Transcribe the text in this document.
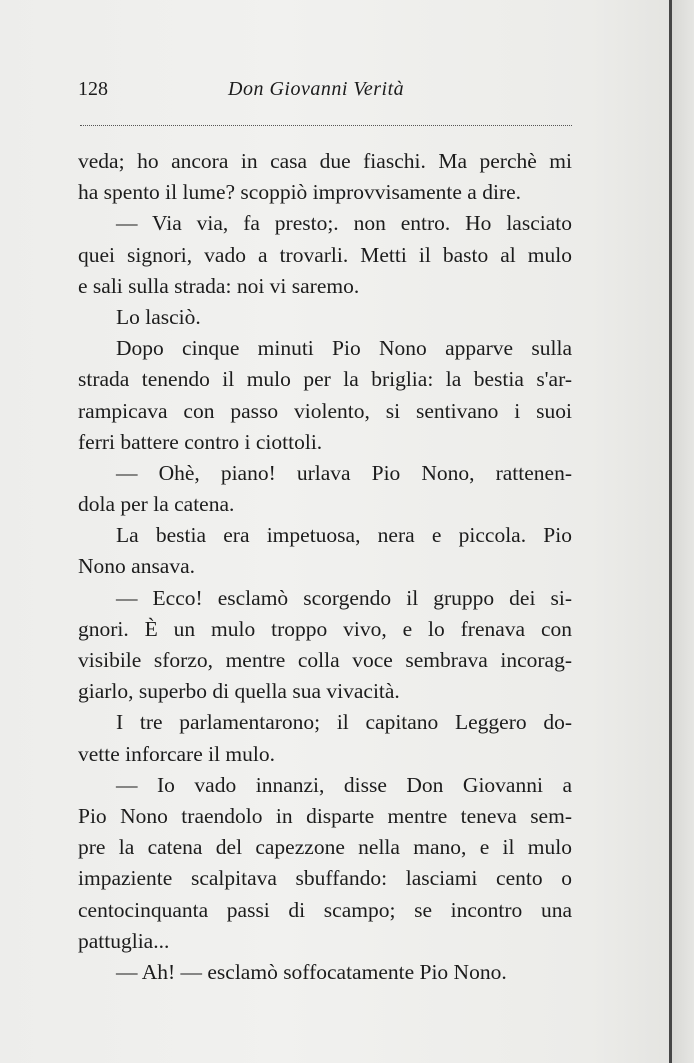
128	Don Giovanni Verità
veda; ho ancora in casa due fiaschi. Ma perchè mi
ha spento il lume? scoppiò improvvisamente a dire.
— Via via, fa presto;. non entro. Ho lasciato
quei signori, vado a trovarli. Metti il basto al mulo
e sali sulla strada: noi vi saremo.
Lo lasciò.
Dopo cinque minuti Pio Nono apparve sulla
strada tenendo il mulo per la briglia: la bestia s'ar-
rampicava con passo violento, si sentivano i suoi
ferri battere contro i ciottoli.
— Ohè, piano! urlava Pio Nono, rattenen-
dola per la catena.
La bestia era impetuosa, nera e piccola. Pio
Nono ansava.
— Ecco! esclamò scorgendo il gruppo dei si-
gnori. È un mulo troppo vivo, e lo frenava con
visibile sforzo, mentre colla voce sembrava incorag-
giarlo, superbo di quella sua vivacità.
I tre parlamentarono; il capitano Leggero do-
vette inforcare il mulo.
— Io vado innanzi, disse Don Giovanni a
Pio Nono traendolo in disparte mentre teneva sem-
pre la catena del capezzone nella mano, e il mulo
impaziente scalpitava sbuffando: lasciami cento o
centocinquanta passi di scampo; se incontro una
pattuglia...
— Ah! — esclamò soffocatamente Pio Nono.
